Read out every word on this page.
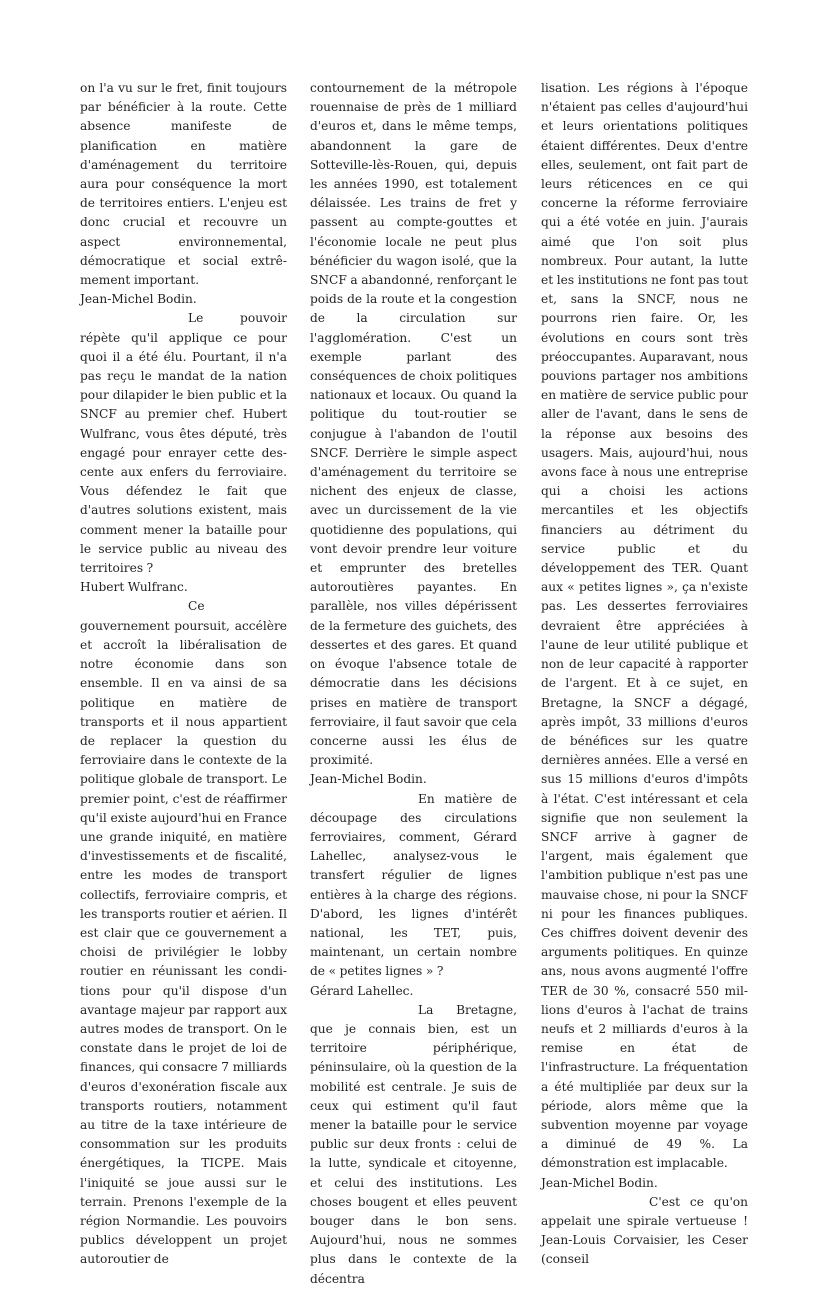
on l'a vu sur le fret, finit toujours par bénéficier à la route. Cette absence manifeste de planification en matière d'aménagement du territoire aura pour conséquence la mort de territoires entiers. L'enjeu est donc crucial et recouvre un aspect environnemental, démocratique et social extrêmement important.

Jean-Michel Bodin.

Le pouvoir répète qu'il applique ce pour quoi il a été élu. Pourtant, il n'a pas reçu le mandat de la nation pour dilapider le bien public et la SNCF au premier chef. Hubert Wulfranc, vous êtes député, très engagé pour enrayer cette descente aux enfers du ferroviaire. Vous défendez le fait que d'autres solutions existent, mais comment mener la bataille pour le service public au niveau des territoires ?

Hubert Wulfranc.

Ce gouvernement poursuit, accélère et accroît la libéralisation de notre économie dans son ensemble. Il en va ainsi de sa politique en matière de transports et il nous appartient de replacer la question du ferroviaire dans le contexte de la politique globale de transport. Le premier point, c'est de réaffirmer qu'il existe aujourd'hui en France une grande iniquité, en matière d'investissements et de fiscalité, entre les modes de transport collectifs, ferroviaire compris, et les transports routier et aérien. Il est clair que ce gouvernement a choisi de privilégier le lobby routier en réunissant les conditions pour qu'il dispose d'un avantage majeur par rapport aux autres modes de transport. On le constate dans le projet de loi de finances, qui consacre 7 milliards d'euros d'exonération fiscale aux transports routiers, notamment au titre de la taxe intérieure de consommation sur les produits énergétiques, la TICPE. Mais l'iniquité se joue aussi sur le terrain. Prenons l'exemple de la région Normandie. Les pouvoirs publics développent un projet autoroutier de

contournement de la métropole rouennaise de près de 1 milliard d'euros et, dans le même temps, abandonnent la gare de Sotteville-lès-Rouen, qui, depuis les années 1990, est totalement délaissée. Les trains de fret y passent au compte-gouttes et l'économie locale ne peut plus bénéficier du wagon isolé, que la SNCF a abandonné, renforçant le poids de la route et la congestion de la circulation sur l'agglomération. C'est un exemple parlant des conséquences de choix politiques nationaux et locaux. Ou quand la politique du tout-routier se conjugue à l'abandon de l'outil SNCF. Derrière le simple aspect d'aménagement du territoire se nichent des enjeux de classe, avec un durcissement de la vie quotidienne des populations, qui vont devoir prendre leur voiture et emprunter des bretelles autoroutières payantes. En parallèle, nos villes dépérissent de la fermeture des guichets, des dessertes et des gares. Et quand on évoque l'absence totale de démocratie dans les décisions prises en matière de transport ferroviaire, il faut savoir que cela concerne aussi les élus de proximité.

Jean-Michel Bodin.

En matière de découpage des circulations ferroviaires, comment, Gérard Lahellec, analysez-vous le transfert régulier de lignes entières à la charge des régions. D'abord, les lignes d'intérêt national, les TET, puis, maintenant, un certain nombre de « petites lignes » ?

Gérard Lahellec.

La Bretagne, que je connais bien, est un territoire périphérique, péninsulaire, où la question de la mobilité est centrale. Je suis de ceux qui estiment qu'il faut mener la bataille pour le service public sur deux fronts : celui de la lutte, syndicale et citoyenne, et celui des institutions. Les choses bougent et elles peuvent bouger dans le bon sens. Aujourd'hui, nous ne sommes plus dans le contexte de la décentra

lisation. Les régions à l'époque n'étaient pas celles d'aujourd'hui et leurs orientations politiques étaient différentes. Deux d'entre elles, seulement, ont fait part de leurs réticences en ce qui concerne la réforme ferroviaire qui a été votée en juin. J'aurais aimé que l'on soit plus nombreux. Pour autant, la lutte et les institutions ne font pas tout et, sans la SNCF, nous ne pourrons rien faire. Or, les évolutions en cours sont très préoccupantes. Auparavant, nous pouvions partager nos ambitions en matière de service public pour aller de l'avant, dans le sens de la réponse aux besoins des usagers. Mais, aujourd'hui, nous avons face à nous une entreprise qui a choisi les actions mercantiles et les objectifs financiers au détriment du service public et du développement des TER. Quant aux « petites lignes », ça n'existe pas. Les dessertes ferroviaires devraient être appréciées à l'aune de leur utilité publique et non de leur capacité à rapporter de l'argent. Et à ce sujet, en Bretagne, la SNCF a dégagé, après impôt, 33 millions d'euros de bénéfices sur les quatre dernières années. Elle a versé en sus 15 millions d'euros d'impôts à l'état. C'est intéressant et cela signifie que non seulement la SNCF arrive à gagner de l'argent, mais également que l'ambition publique n'est pas une mauvaise chose, ni pour la SNCF ni pour les finances publiques. Ces chiffres doivent devenir des arguments politiques. En quinze ans, nous avons augmenté l'offre TER de 30 %, consacré 550 millions d'euros à l'achat de trains neufs et 2 milliards d'euros à la remise en état de l'infrastructure. La fréquentation a été multipliée par deux sur la période, alors même que la subvention moyenne par voyage a diminué de 49 %. La démonstration est implacable.

Jean-Michel Bodin.

C'est ce qu'on appelait une spirale vertueuse ! Jean-Louis Corvaisier, les Ceser (conseil
